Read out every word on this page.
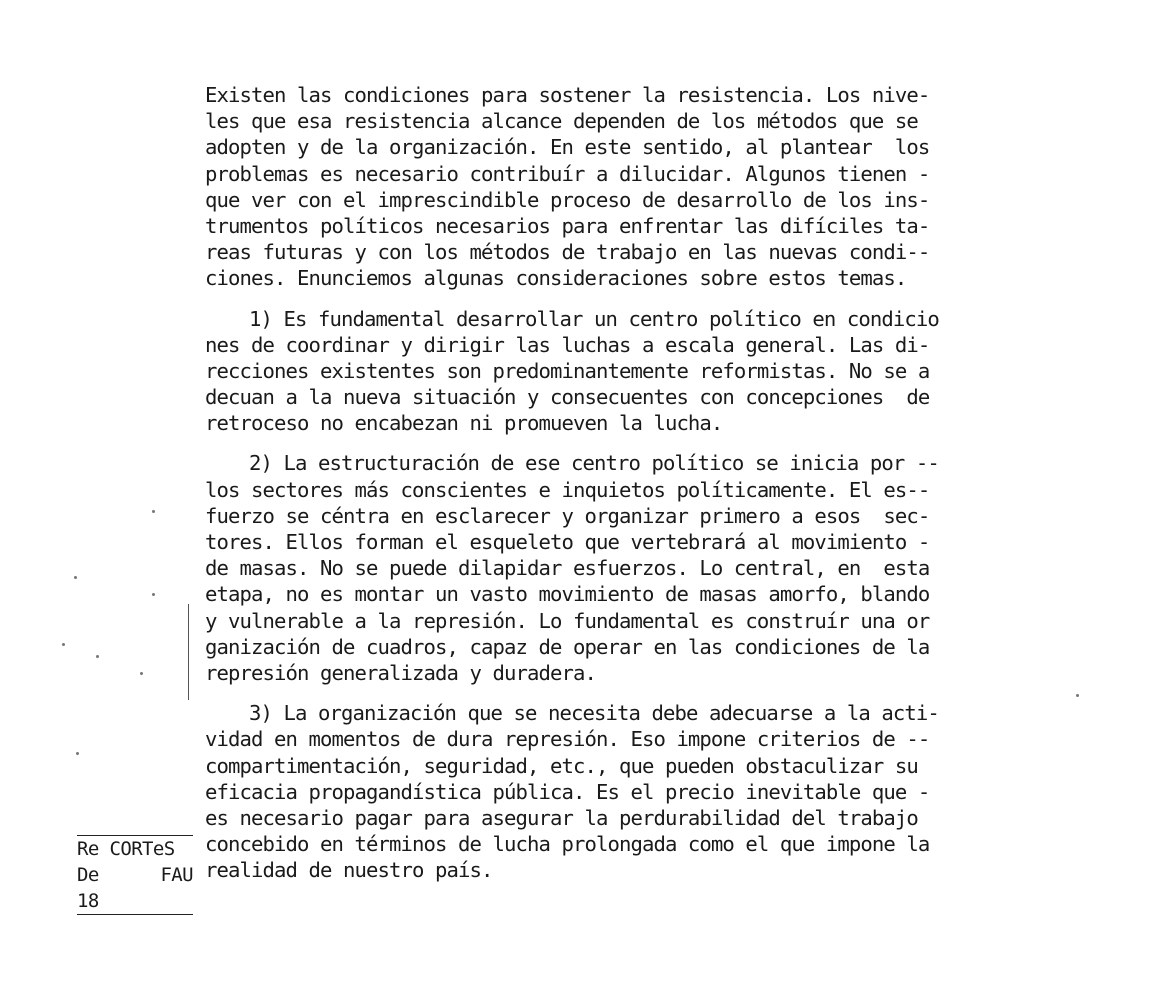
Existen las condiciones para sostener la resistencia. Los nive-
les que esa resistencia alcance dependen de los métodos que se
adopten y de la organización. En este sentido, al plantear  los
problemas es necesario contribuír a dilucidar. Algunos tienen -
que ver con el imprescindible proceso de desarrollo de los ins-
trumentos políticos necesarios para enfrentar las difíciles ta-
reas futuras y con los métodos de trabajo en las nuevas condi--
ciones. Enunciemos algunas consideraciones sobre estos temas.
1) Es fundamental desarrollar un centro político en condicio
nes de coordinar y dirigir las luchas a escala general. Las di-
recciones existentes son predominantemente reformistas. No se a
decuan a la nueva situación y consecuentes con concepciones  de
retroceso no encabezan ni promueven la lucha.
2) La estructuración de ese centro político se inicia por --
los sectores más conscientes e inquietos políticamente. El es--
fuerzo se céntra en esclarecer y organizar primero a esos  sec-
tores. Ellos forman el esqueleto que vertebrará al movimiento -
de masas. No se puede dilapidar esfuerzos. Lo central, en  esta
etapa, no es montar un vasto movimiento de masas amorfo, blando
y vulnerable a la represión. Lo fundamental es construír una or
ganización de cuadros, capaz de operar en las condiciones de la
represión generalizada y duradera.
3) La organización que se necesita debe adecuarse a la acti-
vidad en momentos de dura represión. Eso impone criterios de --
compartimentación, seguridad, etc., que pueden obstaculizar su
eficacia propagandística pública. Es el precio inevitable que -
es necesario pagar para asegurar la perdurabilidad del trabajo
concebido en términos de lucha prolongada como el que impone la
realidad de nuestro país.
Re CORTeS
De	FAU
18
